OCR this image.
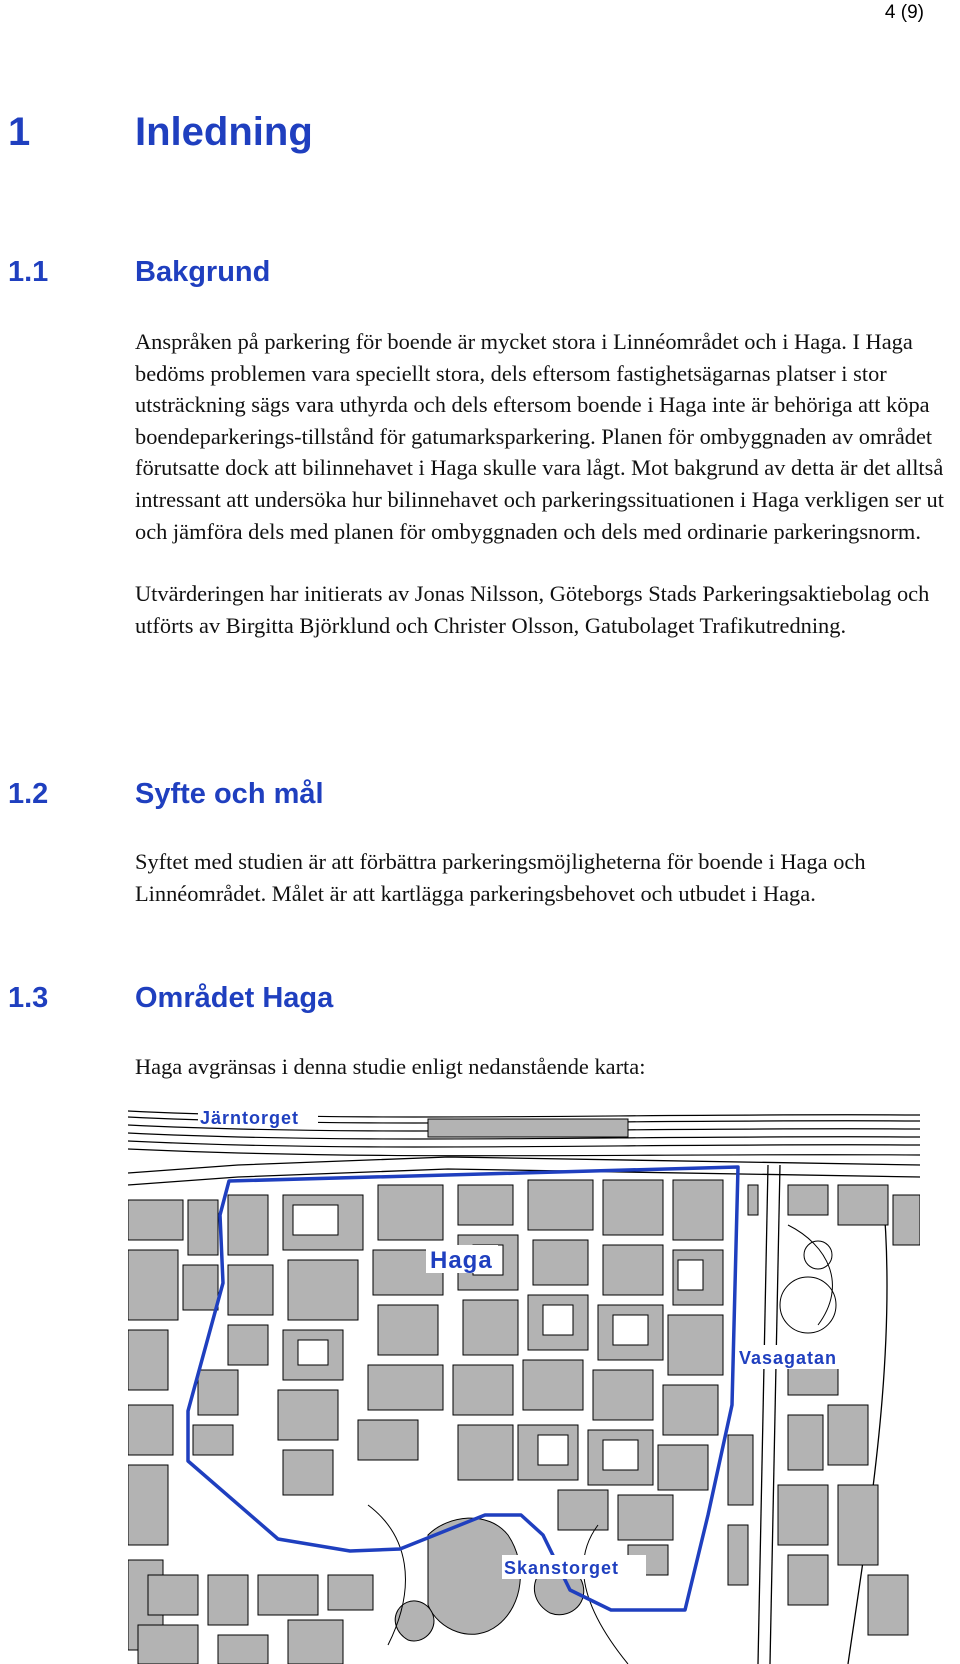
4 (9)
1	Inledning
1.1	Bakgrund

Anspråken på parkering för boende är mycket stora i Linnéområdet och i Haga. I Haga bedöms problemen vara speciellt stora, dels eftersom fastighetsägarnas platser i stor utsträckning sägs vara uthyrda och dels eftersom boende i Haga inte är behöriga att köpa boendeparkerings-tillstånd för gatumarksparkering. Planen för ombyggnaden av området förutsatte dock att bilinnehavet i Haga skulle vara lågt. Mot bakgrund av detta är det alltså intressant att undersöka hur bilinnehavet och parkeringssituationen i Haga verkligen ser ut och jämföra dels med planen för ombyggnaden och dels med ordinarie parkeringsnorm.

Utvärderingen har initierats av Jonas Nilsson, Göteborgs Stads Parkeringsaktiebolag och utförts av Birgitta Björklund och Christer Olsson, Gatubolaget Trafikutredning.

1.2	Syfte och mål
Syftet med studien är att förbättra parkeringsmöjligheterna för boende i Haga och Linnéområdet. Målet är att kartlägga parkeringsbehovet och utbudet i Haga.
1.3	Området Haga
Haga avgränsas i denna studie enligt nedanstående karta:
Järntorget
Haga
Vasagatan
Skanstorget
